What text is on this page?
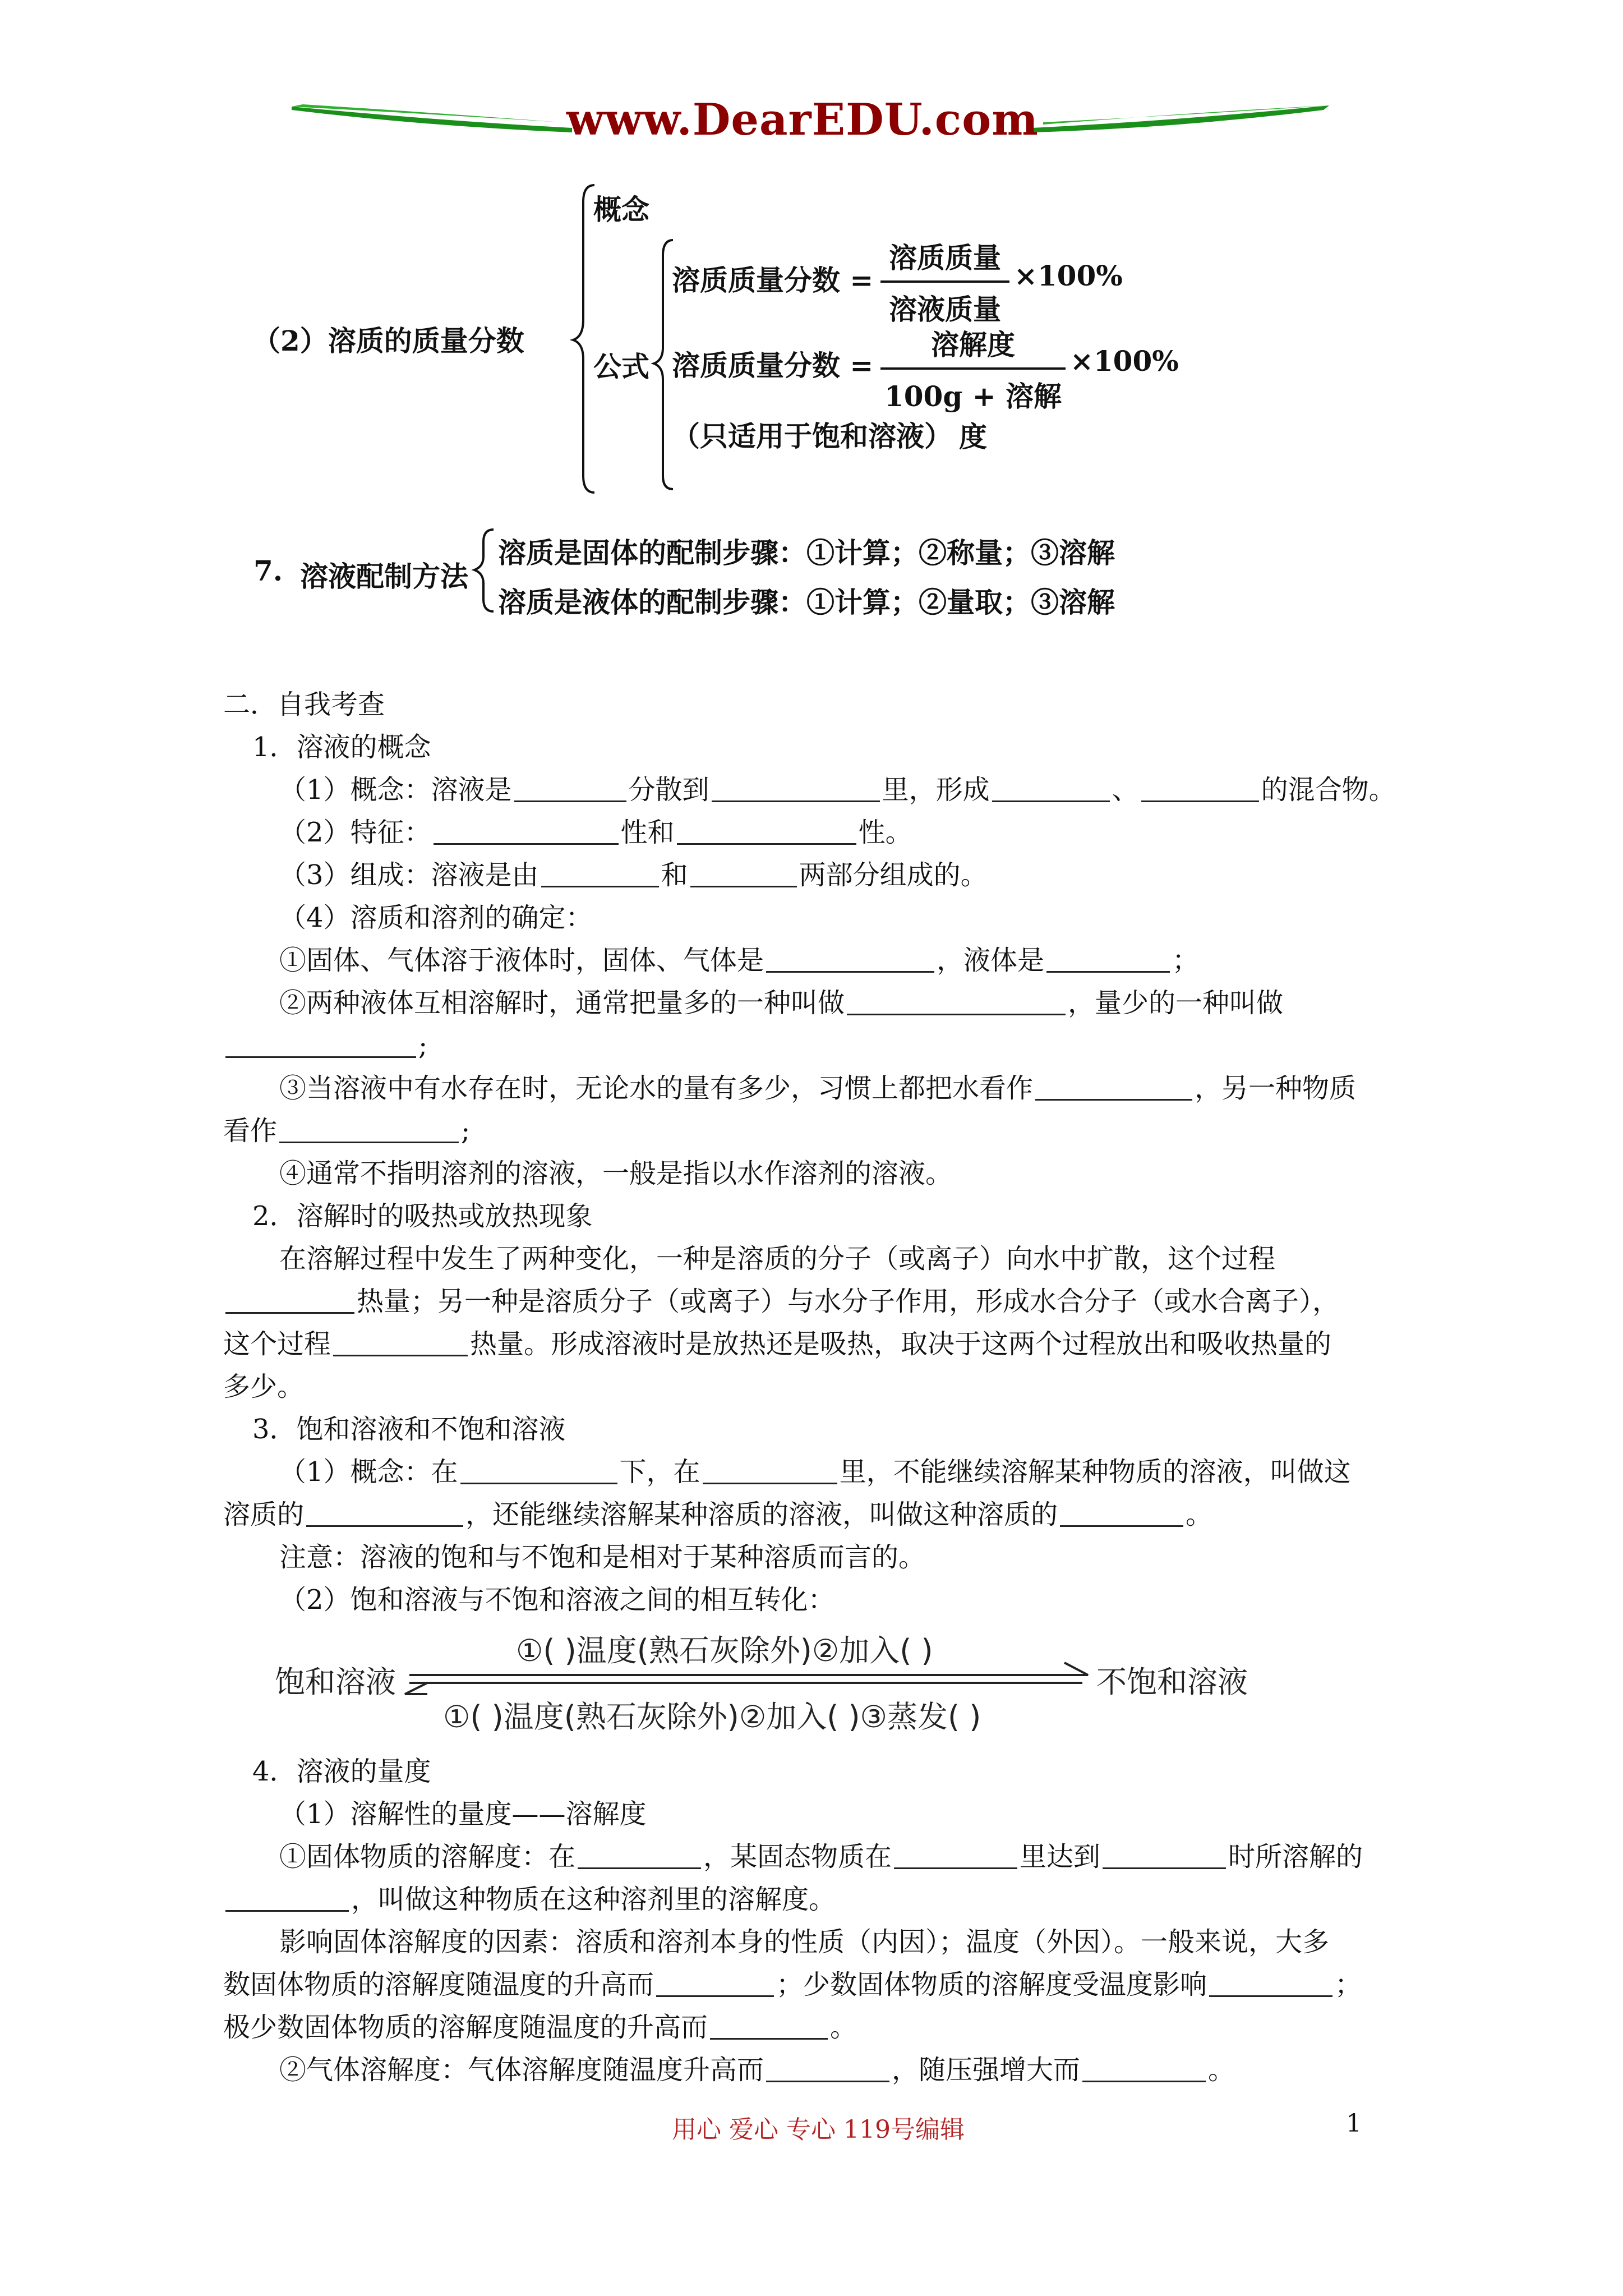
www.DearEDU.com
（2）溶质的质量分数
概念
公式
溶质质量分数 =
溶质质量
溶液质量
×100%
溶质质量分数 =
溶解度
100g + 溶解度
×100%
（只适用于饱和溶液）
7. 溶液配制方法
溶质是固体的配制步骤：①计算；②称量；③溶解
溶质是液体的配制步骤：①计算；②量取；③溶解
二．自我考查
1．溶液的概念
（1）概念：溶液是	分散到	里，形成	、	的混合物。
（2）特征：	性和	性。
（3）组成：溶液是由	和	两部分组成的。
（4）溶质和溶剂的确定：
①固体、气体溶于液体时，固体、气体是	，液体是	；
②两种液体互相溶解时，通常把量多的一种叫做	，量少的一种叫做
;
③当溶液中有水存在时，无论水的量有多少，习惯上都把水看作	，另一种物质
看作	;
④通常不指明溶剂的溶液，一般是指以水作溶剂的溶液。
2．溶解时的吸热或放热现象
在溶解过程中发生了两种变化，一种是溶质的分子（或离子）向水中扩散，这个过程
热量；另一种是溶质分子（或离子）与水分子作用，形成水合分子（或水合离子），
这个过程	热量。形成溶液时是放热还是吸热，取决于这两个过程放出和吸收热量的
多少。
3．饱和溶液和不饱和溶液
（1）概念：在	下，在	里，不能继续溶解某种物质的溶液，叫做这
溶质的	，还能继续溶解某种溶质的溶液，叫做这种溶质的	。
注意：溶液的饱和与不饱和是相对于某种溶质而言的。
（2）饱和溶液与不饱和溶液之间的相互转化：
饱和溶液	不饱和溶液
①( )温度(熟石灰除外)②加入( )
①( )温度(熟石灰除外)②加入( )③蒸发( )
4．溶液的量度
（1）溶解性的量度——溶解度
①固体物质的溶解度：在	，某固态物质在	里达到	时所溶解的
，叫做这种物质在这种溶剂里的溶解度。
影响固体溶解度的因素：溶质和溶剂本身的性质（内因）；温度（外因）。一般来说，大多
数固体物质的溶解度随温度的升高而	；少数固体物质的溶解度受温度影响	；
极少数固体物质的溶解度随温度的升高而	。
②气体溶解度：气体溶解度随温度升高而	，随压强增大而	。
用心 爱心 专心 119号编辑	1
